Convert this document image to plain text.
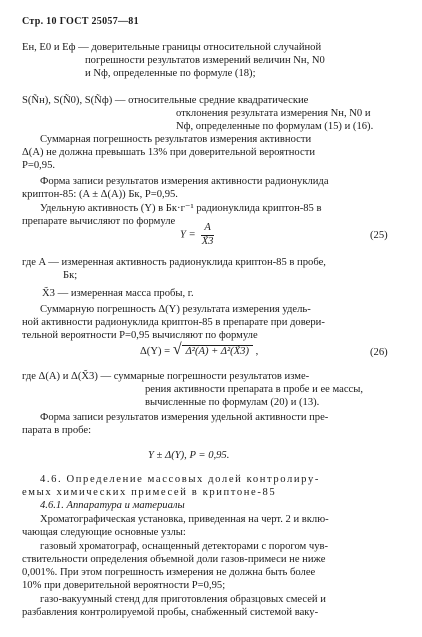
Стр. 10 ГОСТ 25057—81
Eн, E0 и Eф — доверительные границы относительной случайной
погрешности результатов измерений величин Nн, N0
и Nф, определенные по формуле (18);
S(Ñн), S(Ñ0), S(Ñф) — относительные средние квадратические
отклонения результата измерения Nн, N0 и
Nф, определенные по формулам (15) и (16).
Суммарная погрешность результатов измерения активности
Δ(A) не должна превышать 13% при доверительной вероятности
P=0,95.
Форма записи результатов измерения активности радионуклида
криптон-85: (A ± Δ(A)) Бк, P=0,95.
Удельную активность (Y) в Бк·г⁻¹ радионуклида криптон-85 в
препарате вычисляют по формуле
$Y = \frac{A}{X̃3}$	(25)
где A — измеренная активность радионуклида криптон-85 в пробе,
Бк;
X̃3 — измеренная масса пробы, г.
Суммарную погрешность Δ(Y) результата измерения удель-
ной активности радионуклида криптон-85 в препарате при довери-
тельной вероятности P=0,95 вычисляют по формуле
Δ(Y) = √ Δ²(A) + Δ²(X̃3) ,	(26)
где Δ(A) и Δ(X̃3) — суммарные погрешности результатов изме-
рения активности препарата в пробе и ее массы,
вычисленные по формулам (20) и (13).
Форма записи результатов измерения удельной активности пре-
парата в пробе:
Y ± Δ(Y), P = 0,95.
4.6. Определение массовых долей контролиру-
емых химических примесей в криптоне-85
4.6.1. Аппаратура и материалы
Хроматографическая установка, приведенная на черт. 2 и вклю-
чающая следующие основные узлы:
газовый хроматограф, оснащенный детекторами с порогом чув-
ствительности определения объемной доли газов-примеси не ниже
0,001%. При этом погрешность измерения не должна быть более
10% при доверительной вероятности P=0,95;
газо-вакуумный стенд для приготовления образцовых смесей и
разбавления контролируемой пробы, снабженный системой ваку-
